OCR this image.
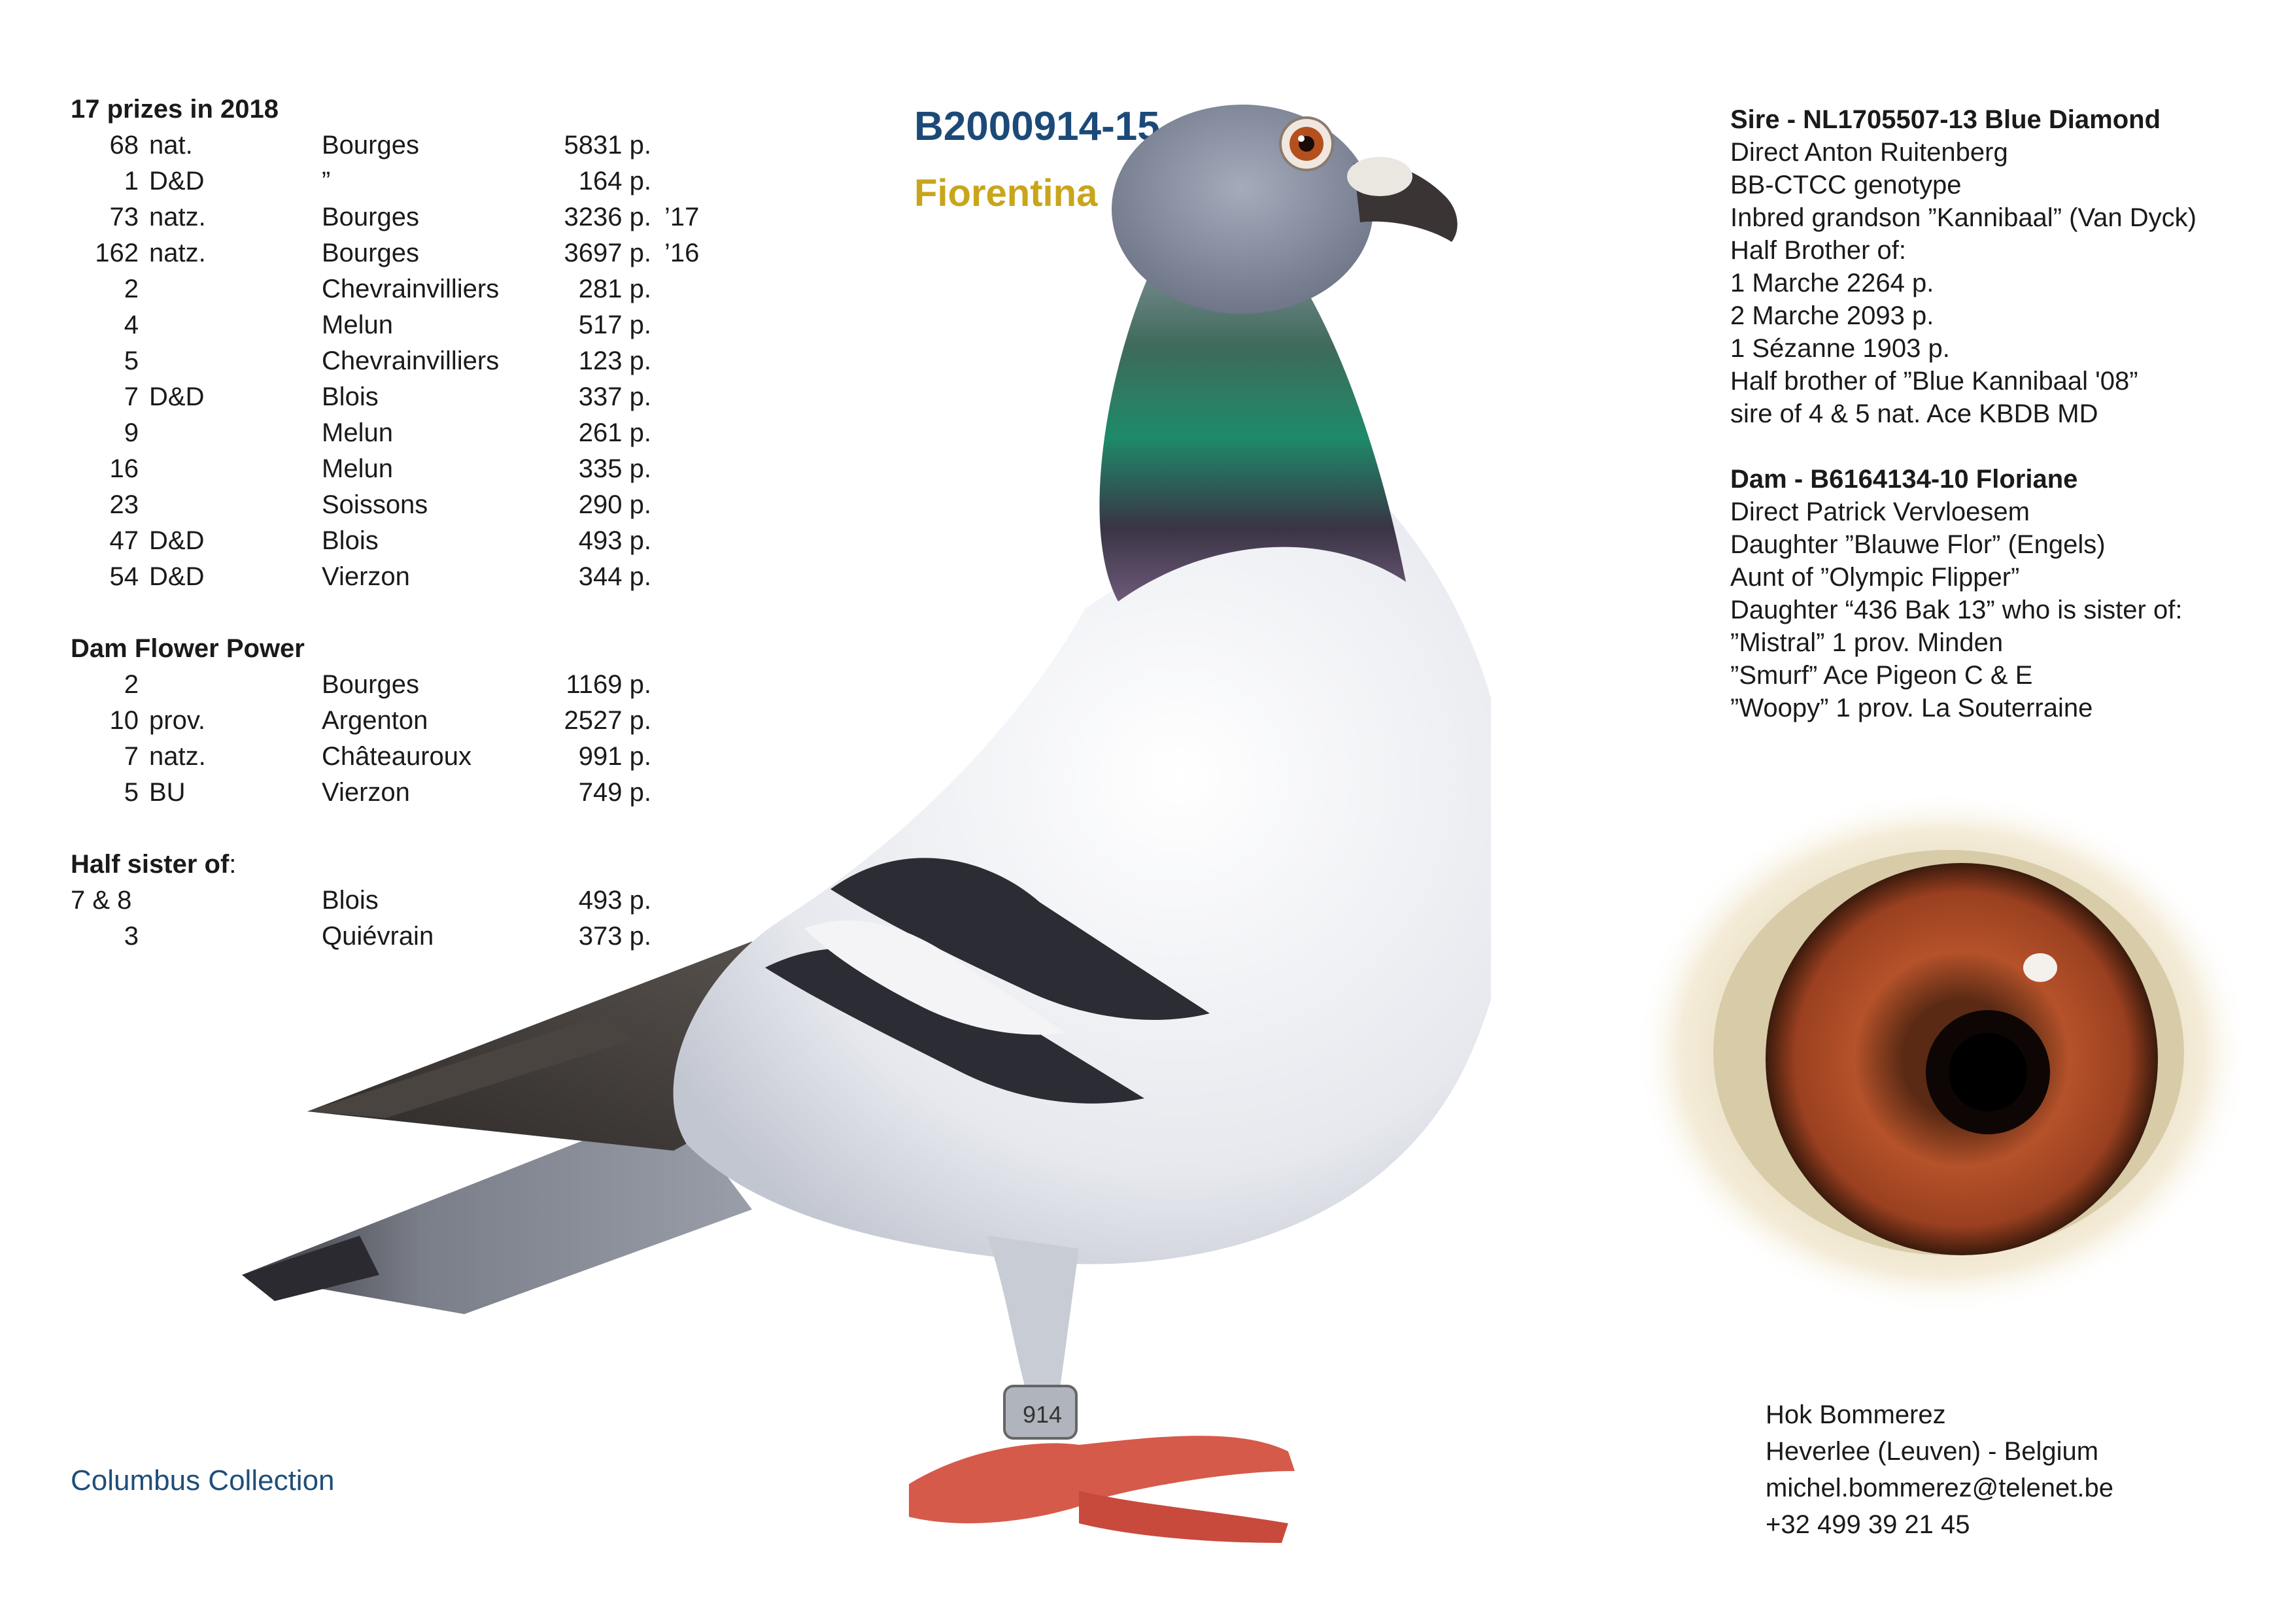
17 prizes in 2018
68 nat.	Bourges	5831 p.
1 D&D	”	164 p.
73 natz.	Bourges	3236 p. ’17
162 natz.	Bourges	3697 p. ’16
2	Chevrainvilliers	281 p.
4	Melun	517 p.
5	Chevrainvilliers	123 p.
7 D&D	Blois	337 p.
9	Melun	261 p.
16	Melun	335 p.
23	Soissons	290 p.
47 D&D	Blois	493 p.
54 D&D	Vierzon	344 p.
Dam Flower Power
2	Bourges	1169 p.
10 prov.	Argenton	2527 p.
7 natz.	Châteauroux	991 p.
5 BU	Vierzon	749 p.
Half sister of:
7 & 8	Blois	493 p.
3	Quiévrain	373 p.
B2000914-15
Fiorentina
914
Sire - NL1705507-13 Blue Diamond
Direct Anton Ruitenberg
BB-CTCC genotype
Inbred grandson ”Kannibaal” (Van Dyck)
Half Brother of:
1 Marche 2264 p.
2 Marche 2093 p.
1 Sézanne 1903 p.
Half brother of ”Blue Kannibaal '08”
sire of 4 & 5 nat. Ace KBDB MD
Dam - B6164134-10 Floriane
Direct Patrick Vervloesem
Daughter ”Blauwe Flor” (Engels)
Aunt of ”Olympic Flipper”
Daughter “436 Bak 13” who is sister of:
”Mistral” 1 prov. Minden
”Smurf” Ace Pigeon C & E
”Woopy” 1 prov. La Souterraine
Columbus Collection
Hok Bommerez
Heverlee (Leuven) - Belgium
michel.bommerez@telenet.be
+32 499 39 21 45
